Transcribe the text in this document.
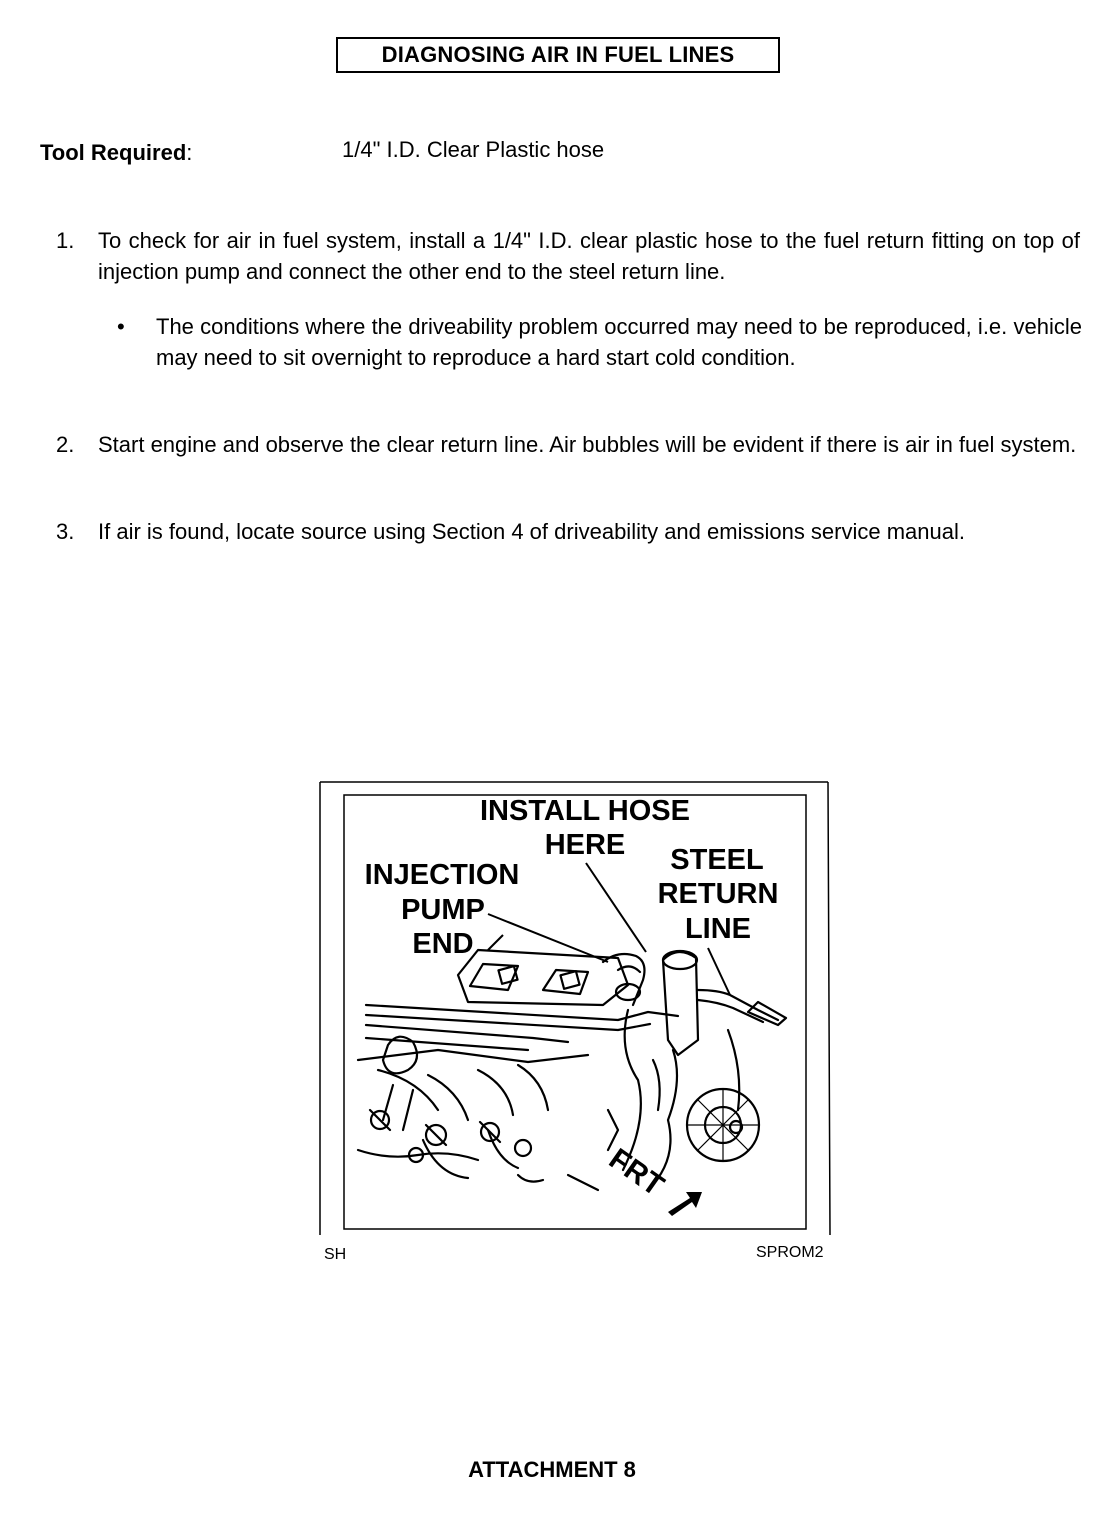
DIAGNOSING AIR IN FUEL LINES
Tool Required:	1/4" I.D. Clear Plastic hose
1. To check for air in fuel system, install a 1/4" I.D. clear plastic hose to the fuel return fitting on top of injection pump and connect the other end to the steel return line.
• The conditions where the driveability problem occurred may need to be reproduced, i.e. vehicle may need to sit overnight to reproduce a hard start cold condition.
2. Start engine and observe the clear return line. Air bubbles will be evident if there is air in fuel system.
3. If air is found, locate source using Section 4 of driveability and emissions service manual.
INSTALL HOSE
HERE
INJECTION
PUMP
END
STEEL
RETURN
LINE
FRT
SH	SPROM2
ATTACHMENT 8
